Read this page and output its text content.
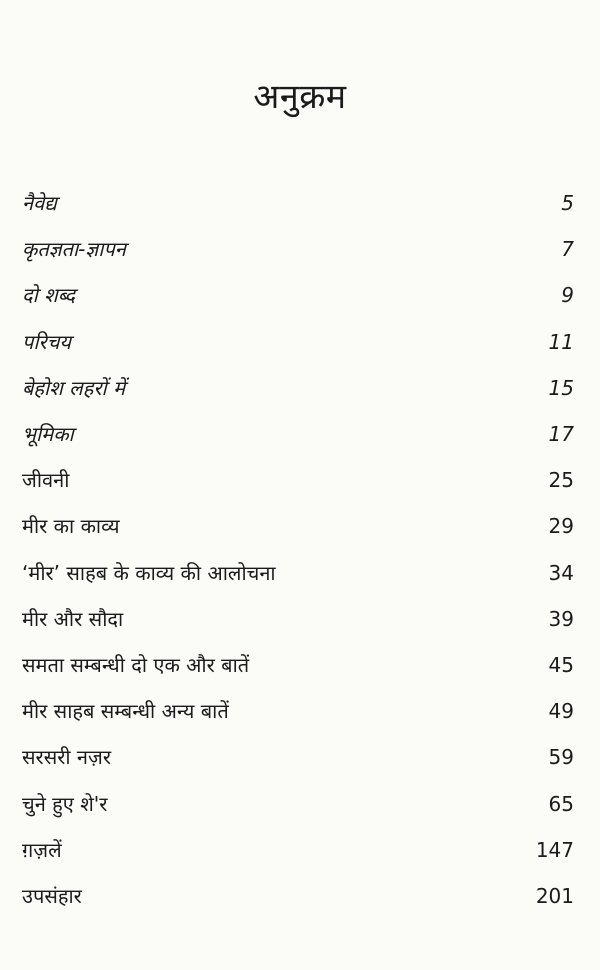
अनुक्रम
नैवेद्य	5
कृतज्ञता-ज्ञापन	7
दो शब्द	9
परिचय	11
बेहोश लहरों में	15
भूमिका	17
जीवनी	25
मीर का काव्य	29
‘मीर’ साहब के काव्य की आलोचना	34
मीर और सौदा	39
समता सम्बन्धी दो एक और बातें	45
मीर साहब सम्बन्धी अन्य बातें	49
सरसरी नज़र	59
चुने हुए शे'र	65
ग़ज़लें	147
उपसंहार	201
